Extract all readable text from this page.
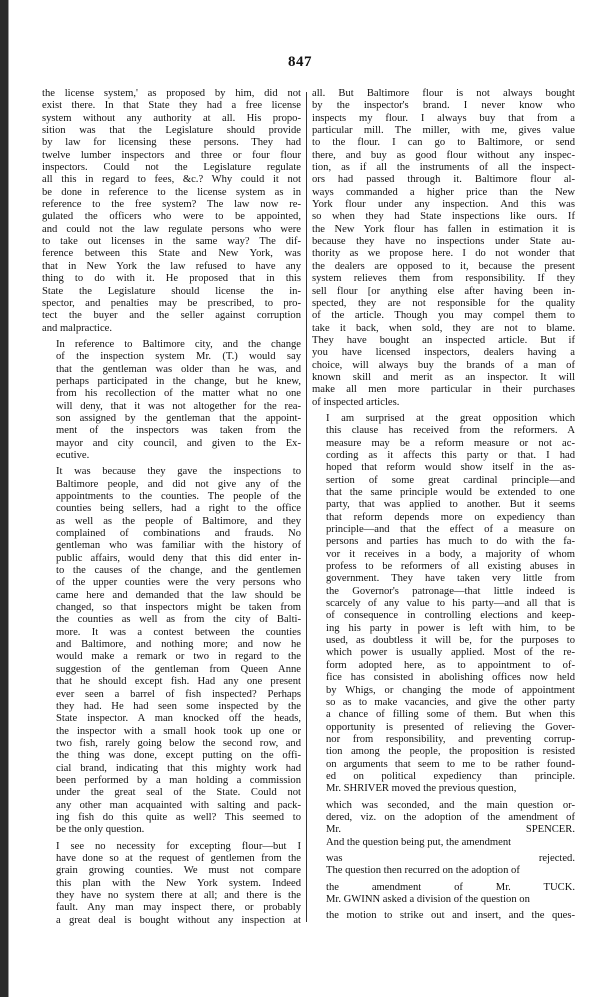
847
the license system,' as proposed by him, did not
exist there. In that State they had a free license
system without any authority at all. His propo-
sition was that the Legislature should provide
by law for licensing these persons. They had
twelve lumber inspectors and three or four flour
inspectors. Could not the Legislature regulate
all this in regard to fees, &c.? Why could it not
be done in reference to the license system as in
reference to the free system? The law now re-
gulated the officers who were to be appointed,
and could not the law regulate persons who were
to take out licenses in the same way? The dif-
ference between this State and New York, was
that in New York the law refused to have any
thing to do with it. He proposed that in this
State the Legislature should license the in-
spector, and penalties may be prescribed, to pro-
tect the buyer and the seller against corruption
and malpractice.
In reference to Baltimore city, and the change
of the inspection system Mr. (T.) would say
that the gentleman was older than he was, and
perhaps participated in the change, but he knew,
from his recollection of the matter what no one
will deny, that it was not altogether for the rea-
son assigned by the gentleman that the appoint-
ment of the inspectors was taken from the
mayor and city council, and given to the Ex-
ecutive.
It was because they gave the inspections to
Baltimore people, and did not give any of the
appointments to the counties. The people of the
counties being sellers, had a right to the office
as well as the people of Baltimore, and they
complained of combinations and frauds. No
gentleman who was familiar with the history of
public affairs, would deny that this did enter in-
to the causes of the change, and the gentlemen
of the upper counties were the very persons who
came here and demanded that the law should be
changed, so that inspectors might be taken from
the counties as well as from the city of Balti-
more. It was a contest between the counties
and Baltimore, and nothing more; and now he
would make a remark or two in regard to the
suggestion of the gentleman from Queen Anne
that he should except fish. Had any one present
ever seen a barrel of fish inspected? Perhaps
they had. He had seen some inspected by the
State inspector. A man knocked off the heads,
the inspector with a small hook took up one or
two fish, rarely going below the second row, and
the thing was done, except putting on the offi-
cial brand, indicating that this mighty work had
been performed by a man holding a commission
under the great seal of the State. Could not
any other man acquainted with salting and pack-
ing fish do this quite as well? This seemed to
be the only question.
I see no necessity for excepting flour—but I
have done so at the request of gentlemen from the
grain growing counties. We must not compare
this plan with the New York system. Indeed
they have no system there at all; and there is the
fault. Any man may inspect there, or probably
a great deal is bought without any inspection at
all. But Baltimore flour is not always bought
by the inspector's brand. I never know who
inspects my flour. I always buy that from a
particular mill. The miller, with me, gives value
to the flour. I can go to Baltimore, or send
there, and buy as good flour without any inspec-
tion, as if all the instruments of all the inspect-
ors had passed through it. Baltimore flour al-
ways commanded a higher price than the New
York flour under any inspection. And this was
so when they had State inspections like ours. If
the New York flour has fallen in estimation it is
because they have no inspections under State au-
thority as we propose here. I do not wonder that
the dealers are opposed to it, because the present
system relieves them from responsibility. If they
sell flour [or anything else after having been in-
spected, they are not responsible for the quality
of the article. Though you may compel them to
take it back, when sold, they are not to blame.
They have bought an inspected article. But if
you have licensed inspectors, dealers having a
choice, will always buy the brands of a man of
known skill and merit as an inspector. It will
make all men more particular in their purchases
of inspected articles.
I am surprised at the great opposition which
this clause has received from the reformers. A
measure may be a reform measure or not ac-
cording as it affects this party or that. I had
hoped that reform would show itself in the as-
sertion of some great cardinal principle—and
that the same principle would be extended to one
party, that was applied to another. But it seems
that reform depends more on expediency than
principle—and that the effect of a measure on
persons and parties has much to do with the fa-
vor it receives in a body, a majority of whom
profess to be reformers of all existing abuses in
government. They have taken very little from
the Governor's patronage—that little indeed is
scarcely of any value to his party—and all that is
of consequence in controlling elections and keep-
ing his party in power is left with him, to be
used, as doubtless it will be, for the purposes to
which power is usually applied. Most of the re-
form adopted here, as to appointment to of-
fice has consisted in abolishing offices now held
by Whigs, or changing the mode of appointment
so as to make vacancies, and give the other party
a chance of filling some of them. But when this
opportunity is presented of relieving the Gover-
nor from responsibility, and preventing corrup-
tion among the people, the proposition is resisted
on arguments that seem to me to be rather found-
ed on political expediency than principle.
Mr. SHRIVER moved the previous question,
which was seconded, and the main question or-
dered, viz. on the adoption of the amendment of
Mr. SPENCER.
And the question being put, the amendment
was rejected.
The question then recurred on the adoption of
the amendment of Mr. TUCK.
Mr. GWINN asked a division of the question on
the motion to strike out and insert, and the ques-
